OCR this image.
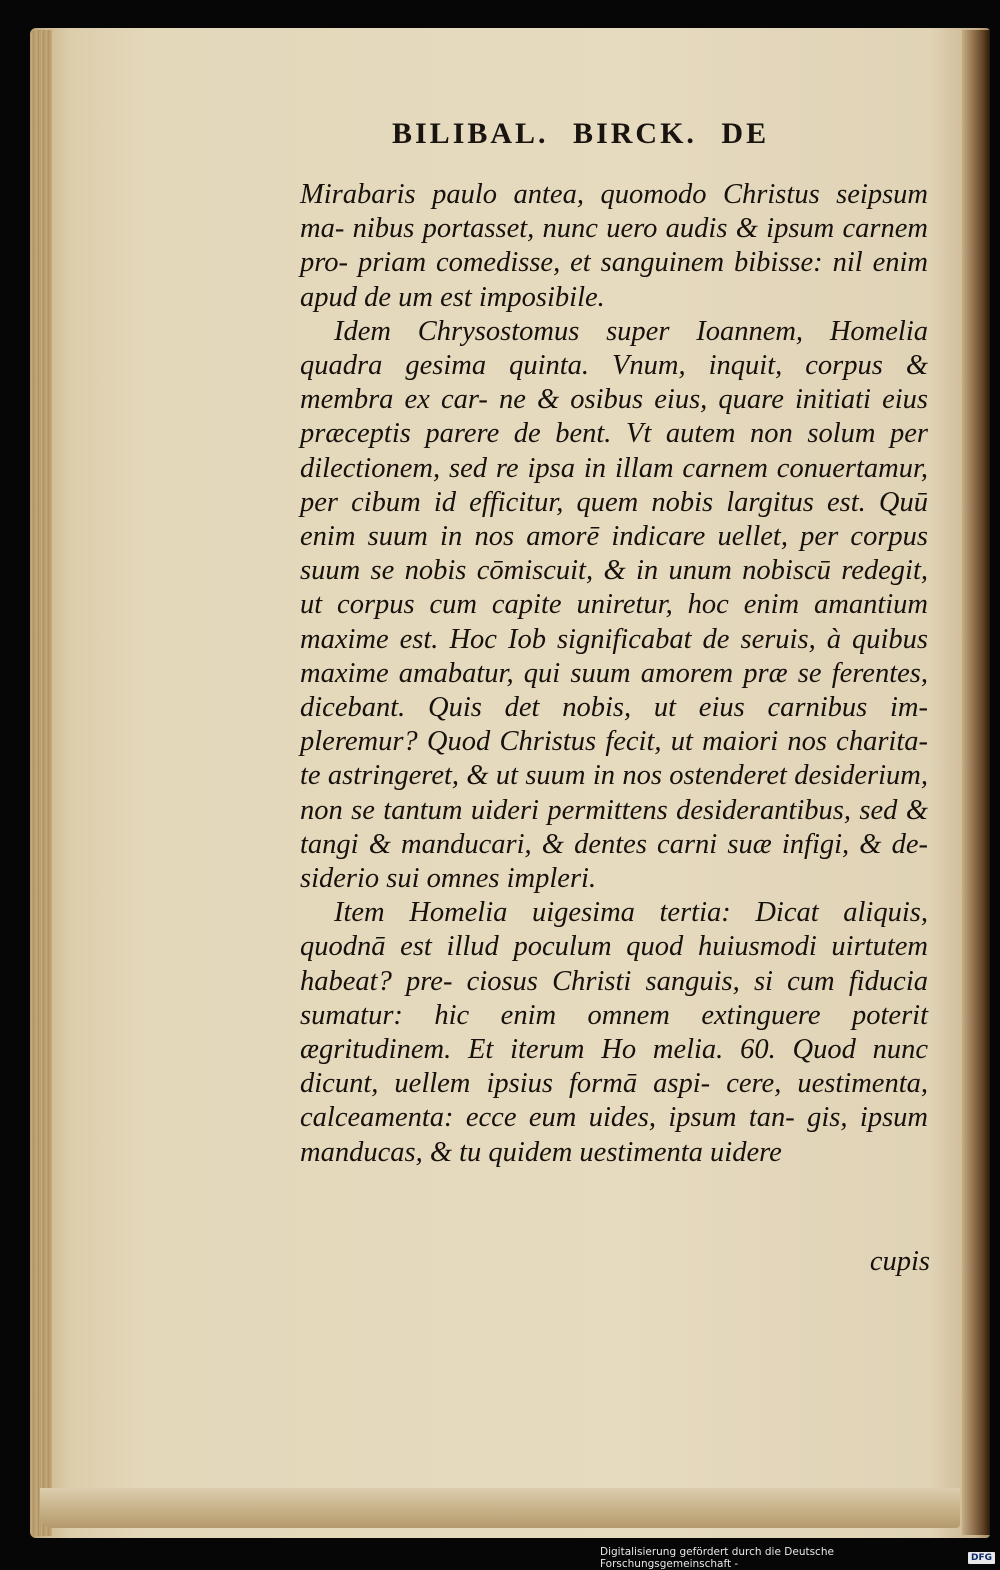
BILIBAL. BIRCK. DE

Mirabaris paulo antea, quomodo Christus seipsum ma- nibus portasset, nunc uero audis & ipsum carnem pro- priam comedisse, et sanguinem bibisse: nil enim apud de um est imposibile.

Idem Chrysostomus super Ioannem, Homelia quadra gesima quinta. Vnum, inquit, corpus & membra ex car- ne & osibus eius, quare initiati eius præceptis parere de bent. Vt autem non solum per dilectionem, sed re ipsa in illam carnem conuertamur, per cibum id efficitur, quem nobis largitus est. Quū enim suum in nos amorē indicare uellet, per corpus suum se nobis cōmiscuit, & in unum nobiscū redegit, ut corpus cum capite uniretur, hoc enim amantium maxime est. Hoc Iob significabat de seruis, à quibus maxime amabatur, qui suum amorem præ se ferentes, dicebant. Quis det nobis, ut eius carnibus im- pleremur? Quod Christus fecit, ut maiori nos charita- te astringeret, & ut suum in nos ostenderet desiderium, non se tantum uideri permittens desiderantibus, sed & tangi & manducari, & dentes carni suæ infigi, & de- siderio sui omnes impleri.

Item Homelia uigesima tertia: Dicat aliquis, quodnā est illud poculum quod huiusmodi uirtutem habeat? pre- ciosus Christi sanguis, si cum fiducia sumatur: hic enim omnem extinguere poterit ægritudinem. Et iterum Ho melia. 60. Quod nunc dicunt, uellem ipsius formā aspi- cere, uestimenta, calceamenta: ecce eum uides, ipsum tan- gis, ipsum manducas, & tu quidem uestimenta uidere

cupis
Digitalisierung gefördert durch die Deutsche Forschungsgemeinschaft -	DFG
